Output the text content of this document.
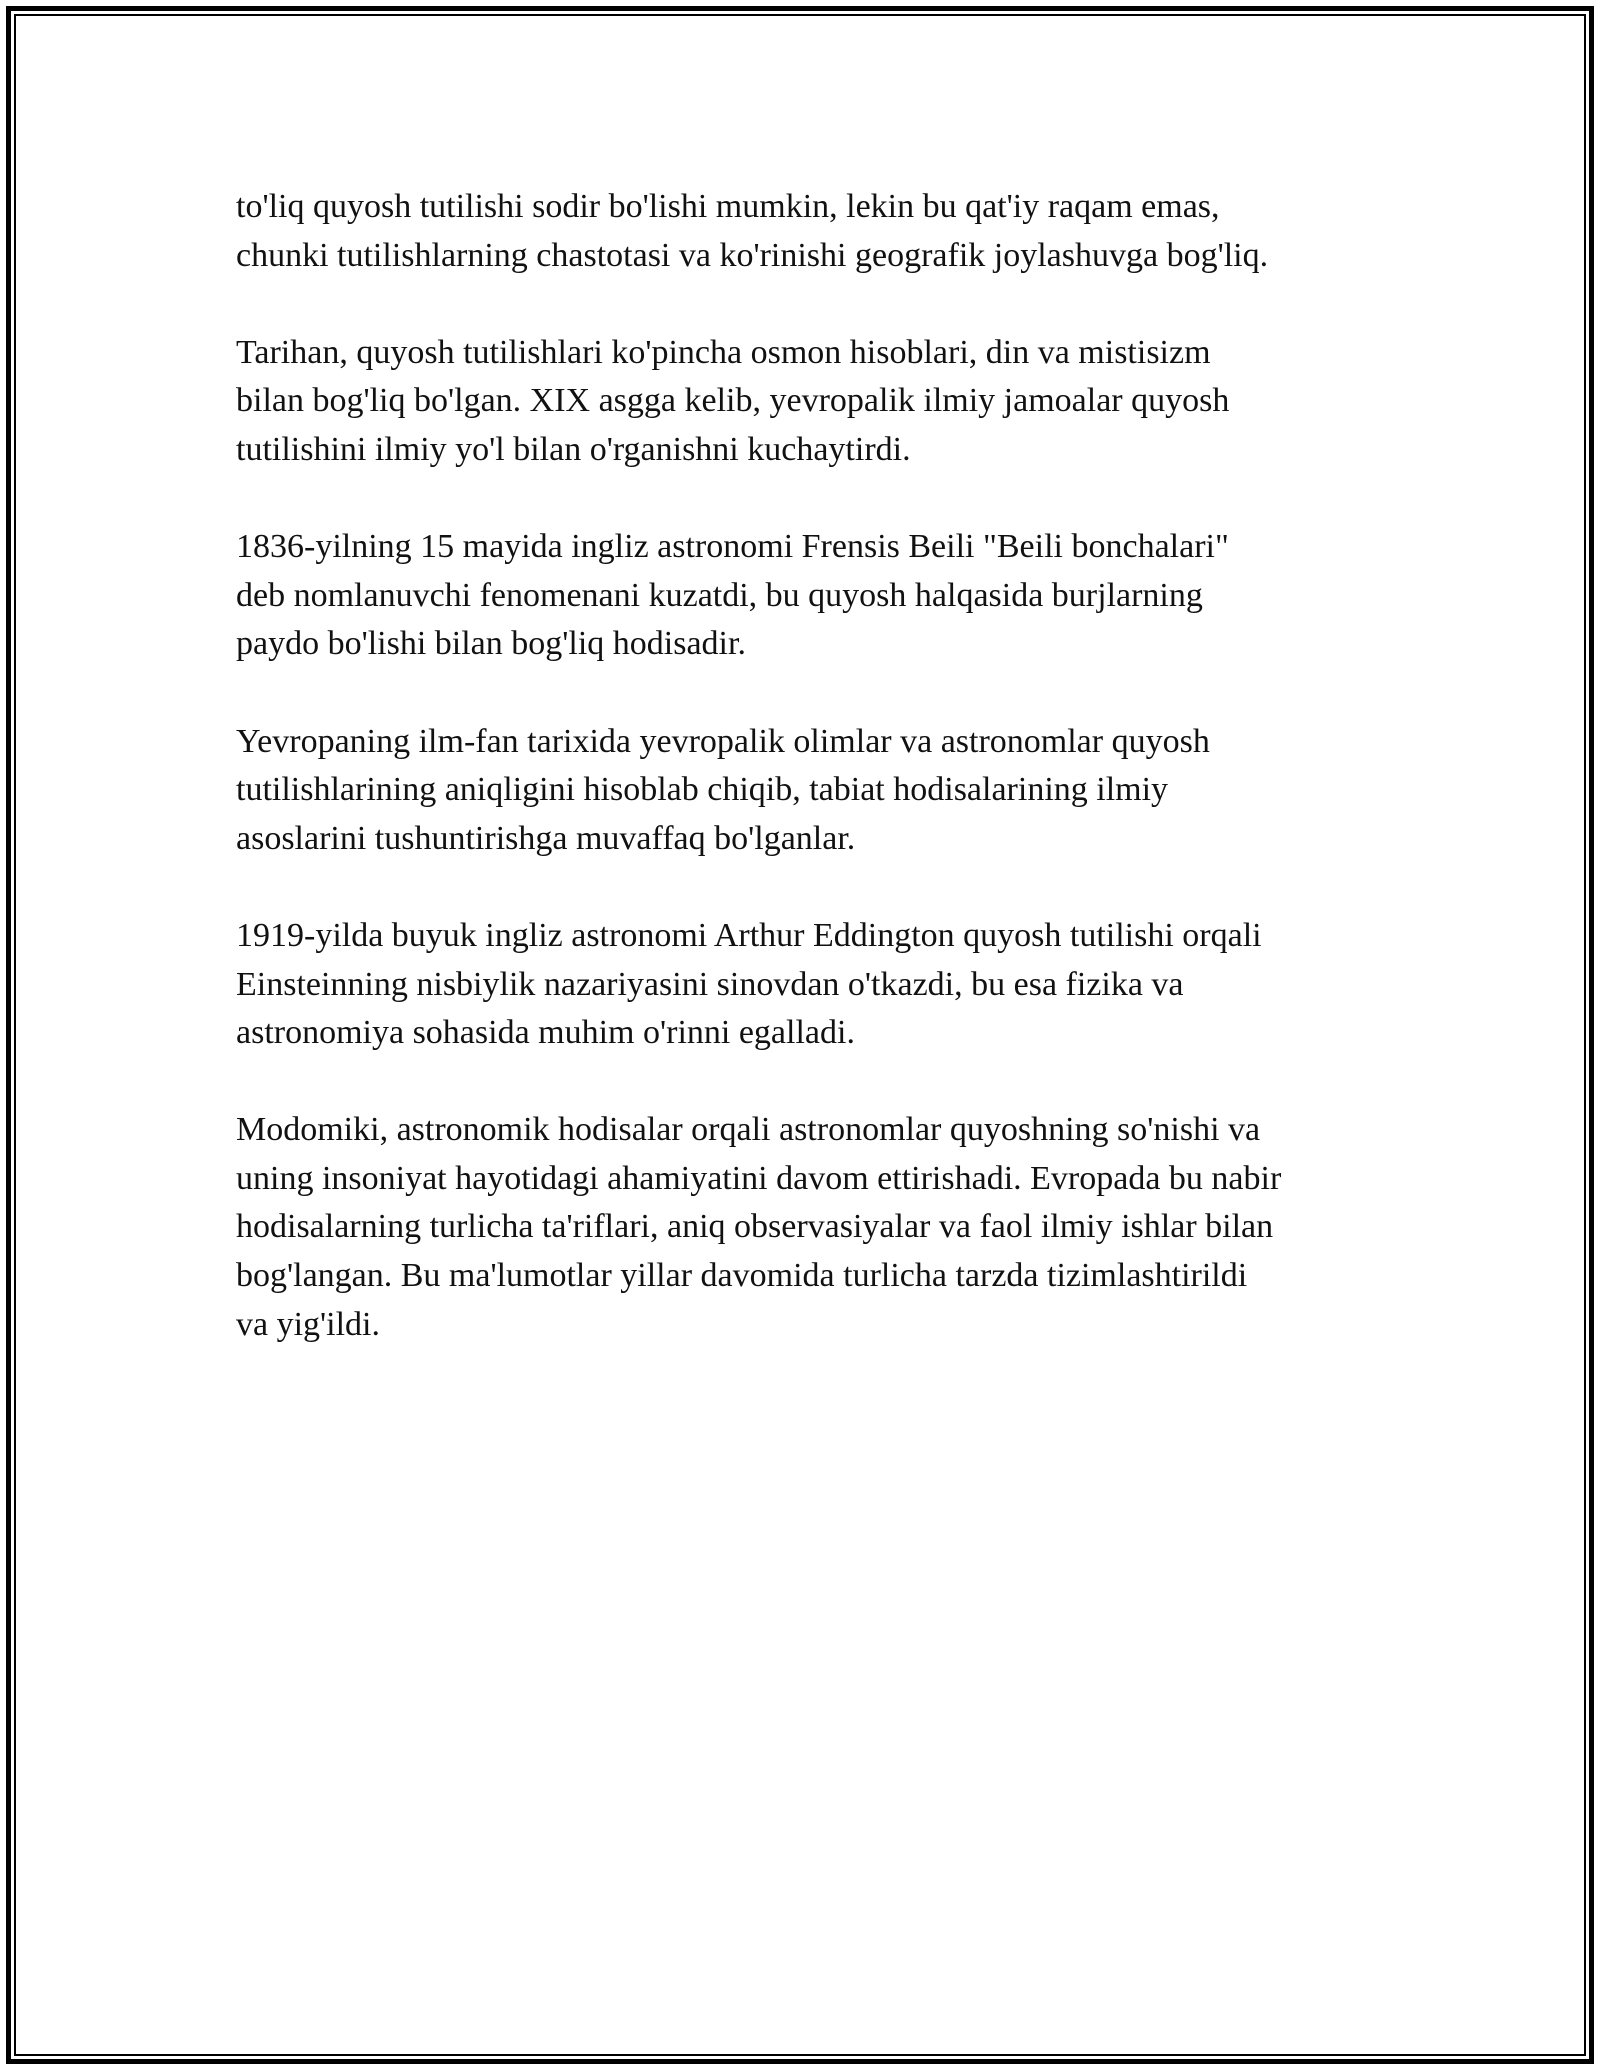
to'liq quyosh tutilishi sodir bo'lishi mumkin, lekin bu qat'iy raqam emas,
chunki tutilishlarning chastotasi va ko'rinishi geografik joylashuvga bog'liq.

Tarihan, quyosh tutilishlari ko'pincha osmon hisoblari, din va mistisizm
bilan bog'liq bo'lgan. XIX asgga kelib, yevropalik ilmiy jamoalar quyosh
tutilishini ilmiy yo'l bilan o'rganishni kuchaytirdi.

1836-yilning 15 mayida ingliz astronomi Frensis Beili "Beili bonchalari"
deb nomlanuvchi fenomenani kuzatdi, bu quyosh halqasida burjlarning
paydo bo'lishi bilan bog'liq hodisadir.

Yevropaning ilm-fan tarixida yevropalik olimlar va astronomlar quyosh
tutilishlarining aniqligini hisoblab chiqib, tabiat hodisalarining ilmiy
asoslarini tushuntirishga muvaffaq bo'lganlar.

1919-yilda buyuk ingliz astronomi Arthur Eddington quyosh tutilishi orqali
Einsteinning nisbiylik nazariyasini sinovdan o'tkazdi, bu esa fizika va
astronomiya sohasida muhim o'rinni egalladi.

Modomiki, astronomik hodisalar orqali astronomlar quyoshning so'nishi va
uning insoniyat hayotidagi ahamiyatini davom ettirishadi. Evropada bu nabir
hodisalarning turlicha ta'riflari, aniq observasiyalar va faol ilmiy ishlar bilan
bog'langan. Bu ma'lumotlar yillar davomida turlicha tarzda tizimlashtirildi
va yig'ildi.
